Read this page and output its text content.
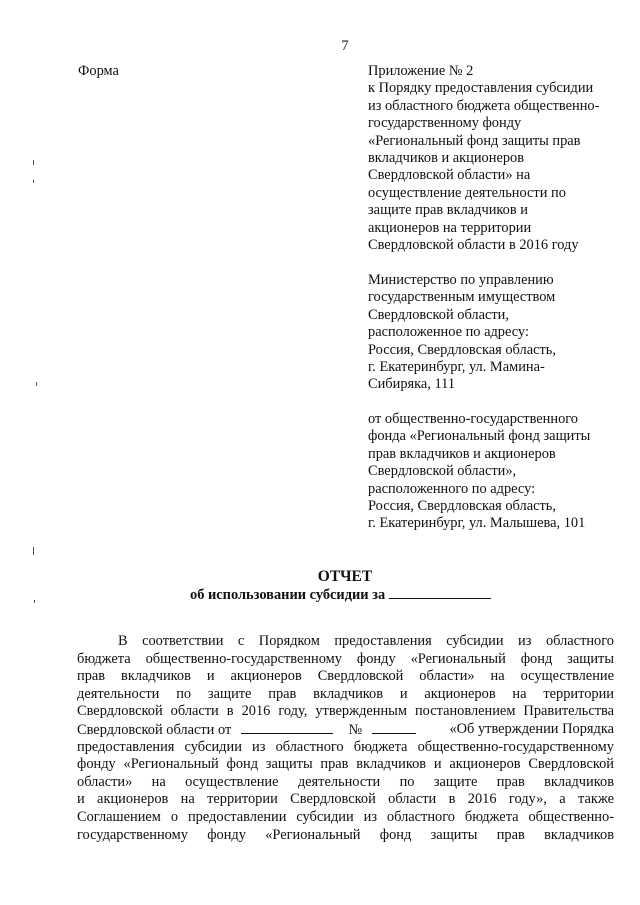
7
Форма	Приложение № 2
к Порядку предоставления субсидии
из областного бюджета общественно-
государственному фонду
«Региональный фонд защиты прав
вкладчиков и акционеров
Свердловской области» на
осуществление деятельности по
защите прав вкладчиков и
акционеров на территории
Свердловской области в 2016 году
Министерство по управлению
государственным имуществом
Свердловской области,
расположенное по адресу:
Россия, Свердловская область,
г. Екатеринбург, ул. Мамина-
Сибиряка, 111
от общественно-государственного
фонда «Региональный фонд защиты
прав вкладчиков и акционеров
Свердловской области»,
расположенного по адресу:
Россия, Свердловская область,
г. Екатеринбург, ул. Малышева, 101
ОТЧЕТ
об использовании субсидии за
В соответствии с Порядком предоставления субсидии из областного
бюджета общественно-государственному фонду «Региональный фонд защиты
прав вкладчиков и акционеров Свердловской области» на осуществление
деятельности по защите прав вкладчиков и акционеров на территории
Свердловской области в 2016 году, утвержденным постановлением Правительства
Свердловской области от	№	«Об утверждении Порядка
предоставления субсидии из областного бюджета общественно-государственному
фонду «Региональный фонд защиты прав вкладчиков и акционеров Свердловской
области» на осуществление деятельности по защите прав вкладчиков
и акционеров на территории Свердловской области в 2016 году», а также
Соглашением о предоставлении субсидии из областного бюджета общественно-
государственному фонду «Региональный фонд защиты прав вкладчиков
